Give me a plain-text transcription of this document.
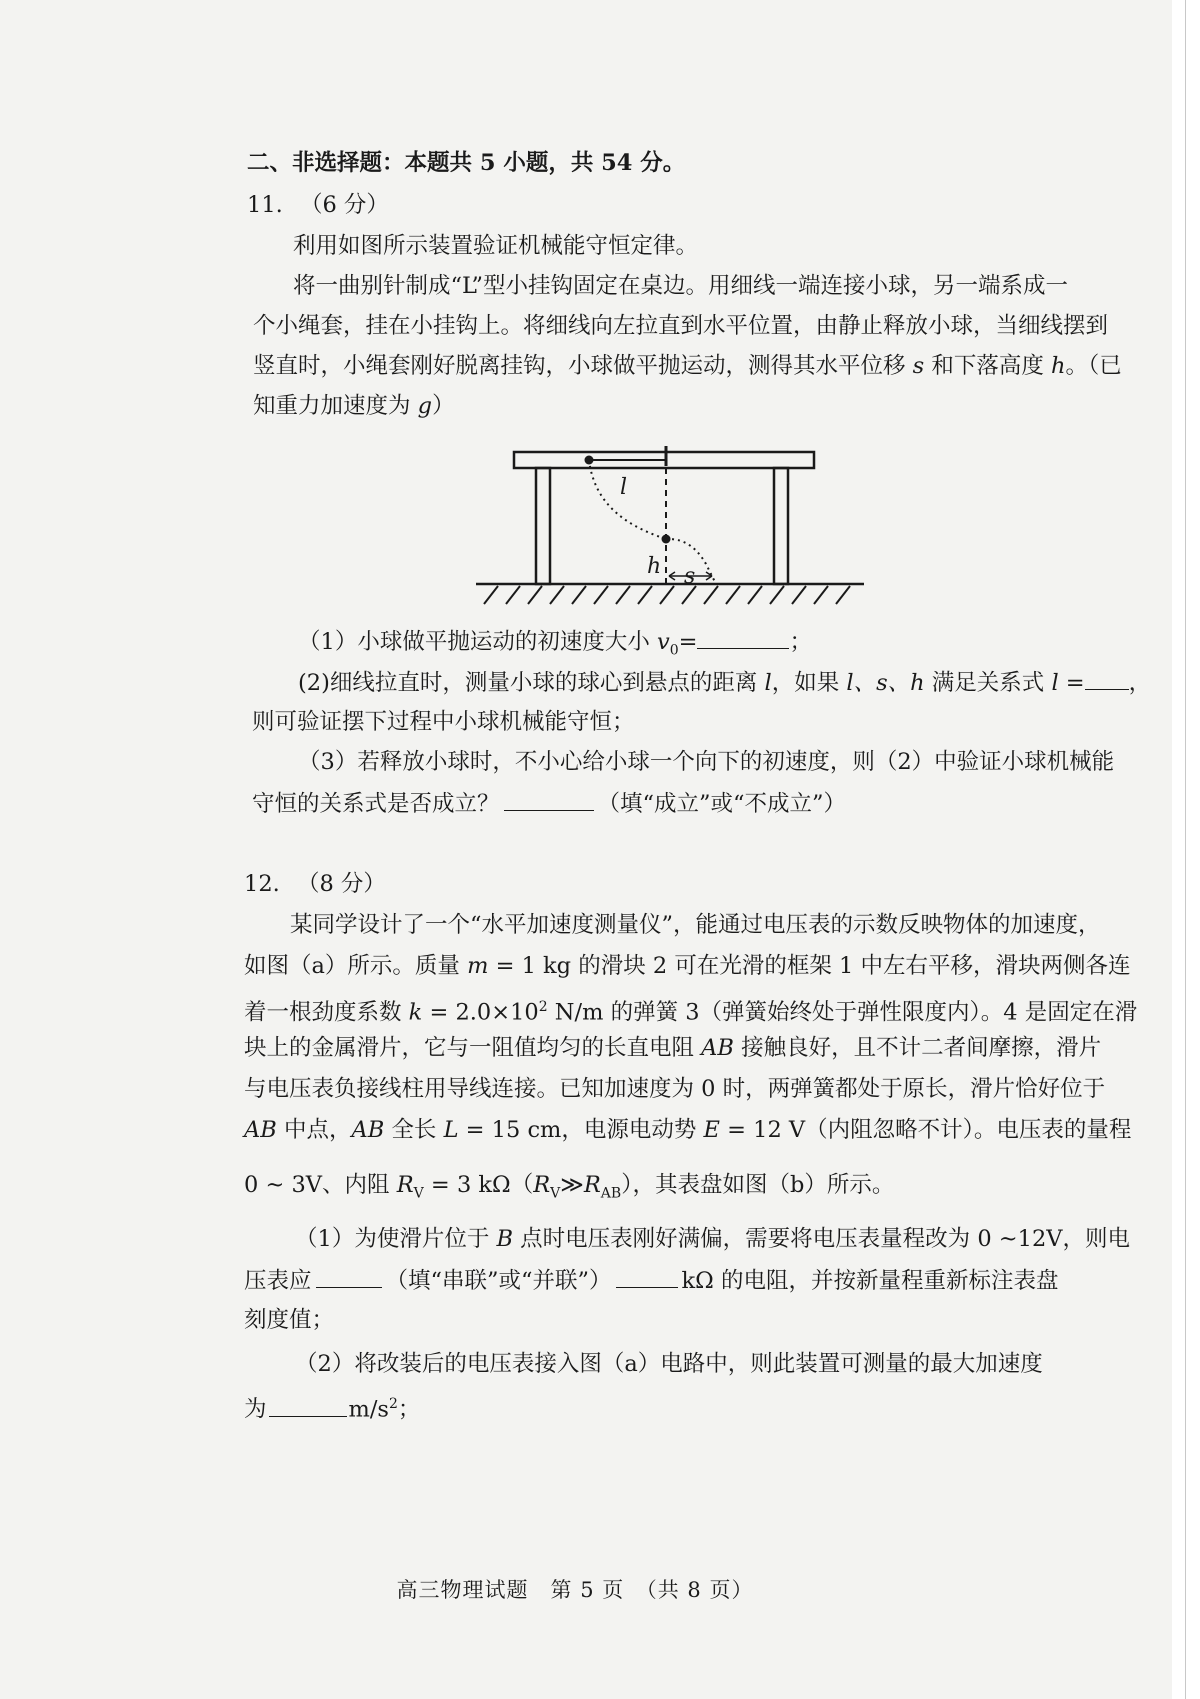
二、非选择题：本题共 5 小题，共 54 分。
11. （6 分）
利用如图所示装置验证机械能守恒定律。
将一曲别针制成“L”型小挂钩固定在桌边。用细线一端连接小球，另一端系成一
个小绳套，挂在小挂钩上。将细线向左拉直到水平位置，由静止释放小球，当细线摆到
竖直时，小绳套刚好脱离挂钩，小球做平抛运动，测得其水平位移 s 和下落高度 h。（已
知重力加速度为 g）
l
h s
（1）小球做平抛运动的初速度大小 $v_0=$	；
(2)细线拉直时，测量小球的球心到悬点的距离 l，如果 l、s、h 满足关系式 l = ，
则可验证摆下过程中小球机械能守恒；
（3）若释放小球时，不小心给小球一个向下的初速度，则（2）中验证小球机械能
守恒的关系式是否成立？	（填“成立”或“不成立”）
12. （8 分）
某同学设计了一个“水平加速度测量仪”，能通过电压表的示数反映物体的加速度，
如图（a）所示。质量 m = 1 kg 的滑块 2 可在光滑的框架 1 中左右平移，滑块两侧各连
着一根劲度系数 $k = 2.0\times 10^2$ N/m 的弹簧 3（弹簧始终处于弹性限度内）。4 是固定在滑
块上的金属滑片，它与一阻值均匀的长直电阻 AB 接触良好，且不计二者间摩擦，滑片
与电压表负接线柱用导线连接。已知加速度为 0 时，两弹簧都处于原长，滑片恰好位于
AB 中点，AB 全长 L = 15 cm，电源电动势 E = 12 V（内阻忽略不计）。电压表的量程
0 ~ 3V、内阻 $R_V = 3$ $k\Omega(R_V≫R_{AB})$，其表盘如图（b）所示。
（1）为使滑片位于 B 点时电压表刚好满偏，需要将电压表量程改为 0 ~12V，则电
压表应	（填“串联”或“并联”）	kΩ 的电阻，并按新量程重新标注表盘
刻度值；
（2）将改装后的电压表接入图（a）电路中，则此装置可测量的最大加速度
为	$m/s^2$；
高三物理试题　第 5 页　（共 8 页）
